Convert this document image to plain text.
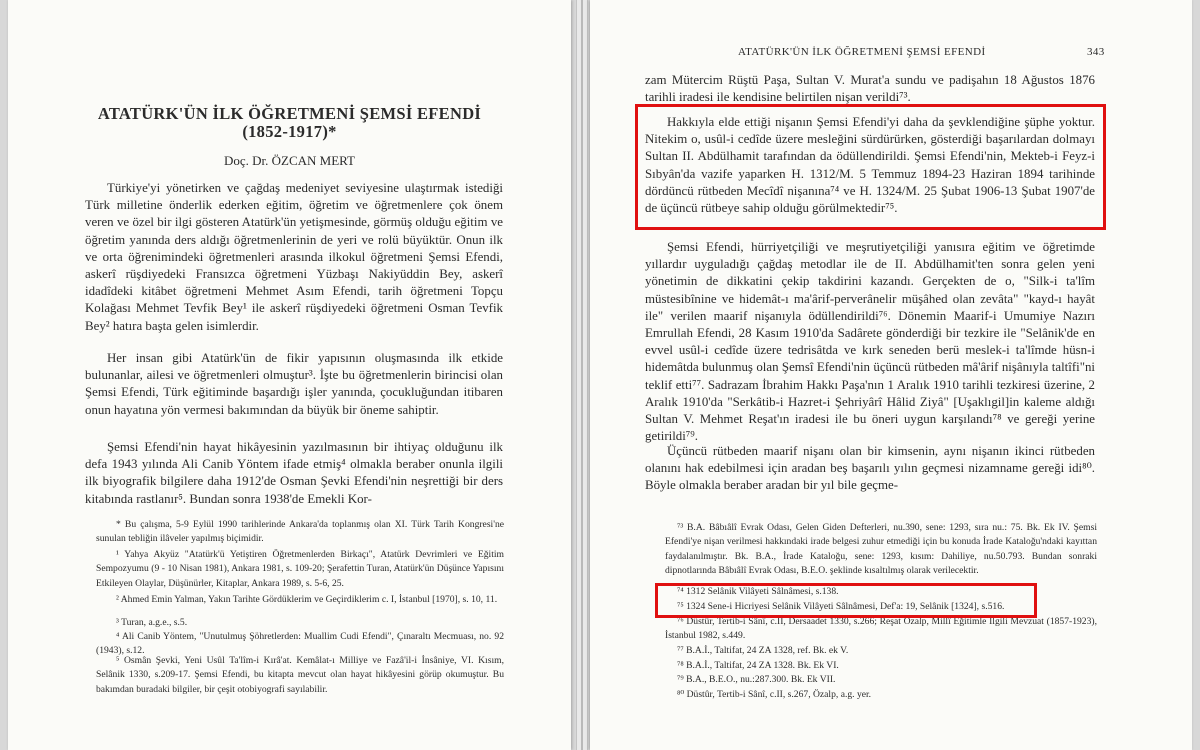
ATATÜRK'ÜN İLK ÖĞRETMENİ ŞEMSİ EFENDİ
(1852-1917)*
Doç. Dr. ÖZCAN MERT

Türkiye'yi yönetirken ve çağdaş medeniyet seviyesine ulaştırmak istediği Türk milletine önderlik ederken eğitim, öğretim ve öğretmenlere çok önem veren ve özel bir ilgi gösteren Atatürk'ün yetişmesinde, görmüş olduğu eğitim ve öğretim yanında ders aldığı öğretmenlerinin de yeri ve rolü büyüktür. Onun ilk ve orta öğrenimindeki öğretmenleri arasında ilkokul öğretmeni Şemsi Efendi, askerî rüşdiyedeki Fransızca öğretmeni Yüzbaşı Nakiyüddin Bey, askerî idadîdeki kitâbet öğretmeni Mehmet Asım Efendi, tarih öğretmeni Topçu Kolağası Mehmet Tevfik Bey¹ ile askerî rüşdiyedeki öğretmeni Osman Tevfik Bey² hatıra başta gelen isimlerdir.

Her insan gibi Atatürk'ün de fikir yapısının oluşmasında ilk etkide bulunanlar, ailesi ve öğretmenleri olmuştur³. İşte bu öğretmenlerin birincisi olan Şemsi Efendi, Türk eğitiminde başardığı işler yanında, çocukluğundan itibaren onun hayatına yön vermesi bakımından da büyük bir öneme sahiptir.

Şemsi Efendi'nin hayat hikâyesinin yazılmasının bir ihtiyaç olduğunu ilk defa 1943 yılında Ali Canib Yöntem ifade etmiş⁴ olmakla beraber onunla ilgili ilk biyografik bilgilere daha 1912'de Osman Şevki Efendi'nin neşrettiği bir ders kitabında rastlanır⁵. Bundan sonra 1938'de Emekli Kor-

* Bu çalışma, 5-9 Eylül 1990 tarihlerinde Ankara'da toplanmış olan XI. Türk Tarih Kongresi'ne sunulan tebliğin ilâveler yapılmış biçimidir.

¹ Yahya Akyüz "Atatürk'ü Yetiştiren Öğretmenlerden Birkaçı", Atatürk Devrimleri ve Eğitim Sempozyumu (9 - 10 Nisan 1981), Ankara 1981, s. 109-20; Şerafettin Turan, Atatürk'ün Düşünce Yapısını Etkileyen Olaylar, Düşünürler, Kitaplar, Ankara 1989, s. 5-6, 25.

² Ahmed Emin Yalman, Yakın Tarihte Gördüklerim ve Geçirdiklerim c. I, İstanbul [1970], s. 10, 11.

³ Turan, a.g.e., s.5.

⁴ Ali Canib Yöntem, "Unutulmuş Şöhretlerden: Muallim Cudi Efendi", Çınaraltı Mecmuası, no. 92 (1943), s.12.

⁵ Osmân Şevki, Yeni Usûl Ta'lîm-i Kırâ'at. Kemâlat-ı Milliye ve Fazâ'il-i İnsâniye, VI. Kısım, Selânik 1330, s.209-17. Şemsi Efendi, bu kitapta mevcut olan hayat hikâyesini görüp okumuştur. Bu bakımdan buradaki bilgiler, bir çeşit otobiyografi sayılabilir.

ATATÜRK'ÜN İLK ÖĞRETMENİ ŞEMSİ EFENDİ	343

zam Mütercim Rüştü Paşa, Sultan V. Murat'a sundu ve padişahın 18 Ağustos 1876 tarihli iradesi ile kendisine belirtilen nişan verildi⁷³.

Hakkıyla elde ettiği nişanın Şemsi Efendi'yi daha da şevklendiğine şüphe yoktur. Nitekim o, usûl-i cedîde üzere mesleğini sürdürürken, gösterdiği başarılardan dolmayı Sultan II. Abdülhamit tarafından da ödüllendirildi. Şemsi Efendi'nin, Mekteb-i Feyz-i Sıbyân'da vazife yaparken H. 1312/M. 5 Temmuz 1894-23 Haziran 1894 tarihinde dördüncü rütbeden Mecîdî nişanına⁷⁴ ve H. 1324/M. 25 Şubat 1906-13 Şubat 1907'de de üçüncü rütbeye sahip olduğu görülmektedir⁷⁵.

Şemsi Efendi, hürriyetçiliği ve meşrutiyetçiliği yanısıra eğitim ve öğretimde yıllardır uyguladığı çağdaş metodlar ile de II. Abdülhamit'ten sonra gelen yeni yönetimin de dikkatini çekip takdirini kazandı. Gerçekten de o, "Silk-i ta'lîm müstesibînine ve hidemât-ı ma'ârif-perverânelir müşâhed olan zevâta" "kayd-ı hayât ile" verilen maarif nişanıyla ödüllendirildi⁷⁶. Dönemin Maarif-i Umumiye Nazırı Emrullah Efendi, 28 Kasım 1910'da Sadârete gönderdiği bir tezkire ile "Selânik'de en evvel usûl-i cedîde üzere tedrisâtda ve kırk seneden berü meslek-i ta'lîmde hüsn-i hidemâtda bulunmuş olan Şemsî Efendi'nin üçüncü rütbeden mâ'ârif nişânıyla taltîfi"ni teklif etti⁷⁷. Sadrazam İbrahim Hakkı Paşa'nın 1 Aralık 1910 tarihli tezkiresi üzerine, 2 Aralık 1910'da "Serkâtib-i Hazret-i Şehriyârî Hâlid Ziyâ" [Uşaklıgil]in kaleme aldığı Sultan V. Mehmet Reşat'ın iradesi ile bu öneri uygun karşılandı⁷⁸ ve gereği yerine getirildi⁷⁹.

Üçüncü rütbeden maarif nişanı olan bir kimsenin, aynı nişanın ikinci rütbeden olanını hak edebilmesi için aradan beş başarılı yılın geçmesi nizamname gereği idi⁸⁰. Böyle olmakla beraber aradan bir yıl bile geçme-

⁷³ B.A. Bâbıâlî Evrak Odası, Gelen Giden Defterleri, nu.390, sene: 1293, sıra nu.: 75. Bk. Ek IV. Şemsi Efendi'ye nişan verilmesi hakkındaki irade belgesi zuhur etmediği için bu konuda İrade Kataloğu'ndaki kayıttan faydalanılmıştır. Bk. B.A., İrade Kataloğu, sene: 1293, kısım: Dahiliye, nu.50.793. Bundan sonraki dipnotlarında Bâbıâlî Evrak Odası, B.E.O. şeklinde kısaltılmış olarak verilecektir.

⁷⁴ 1312 Selânik Vilâyeti Sâlnâmesi, s.138.

⁷⁵ 1324 Sene-i Hicriyesi Selânik Vilâyeti Sâlnâmesi, Def'a: 19, Selânik [1324], s.516.

⁷⁶ Düstûr, Tertib-i Sânî, c.II, Dersaadet 1330, s.266; Reşat Özalp, Millî Eğitimle İlgili Mevzuat (1857-1923), İstanbul 1982, s.449.

⁷⁷ B.A.İ., Taltifat, 24 ZA 1328, ref. Bk. ek V.

⁷⁸ B.A.İ., Taltifat, 24 ZA 1328. Bk. Ek VI.

⁷⁹ B.A., B.E.O., nu.:287.300. Bk. Ek VII.

⁸⁰ Düstûr, Tertib-i Sânî, c.II, s.267, Özalp, a.g. yer.
